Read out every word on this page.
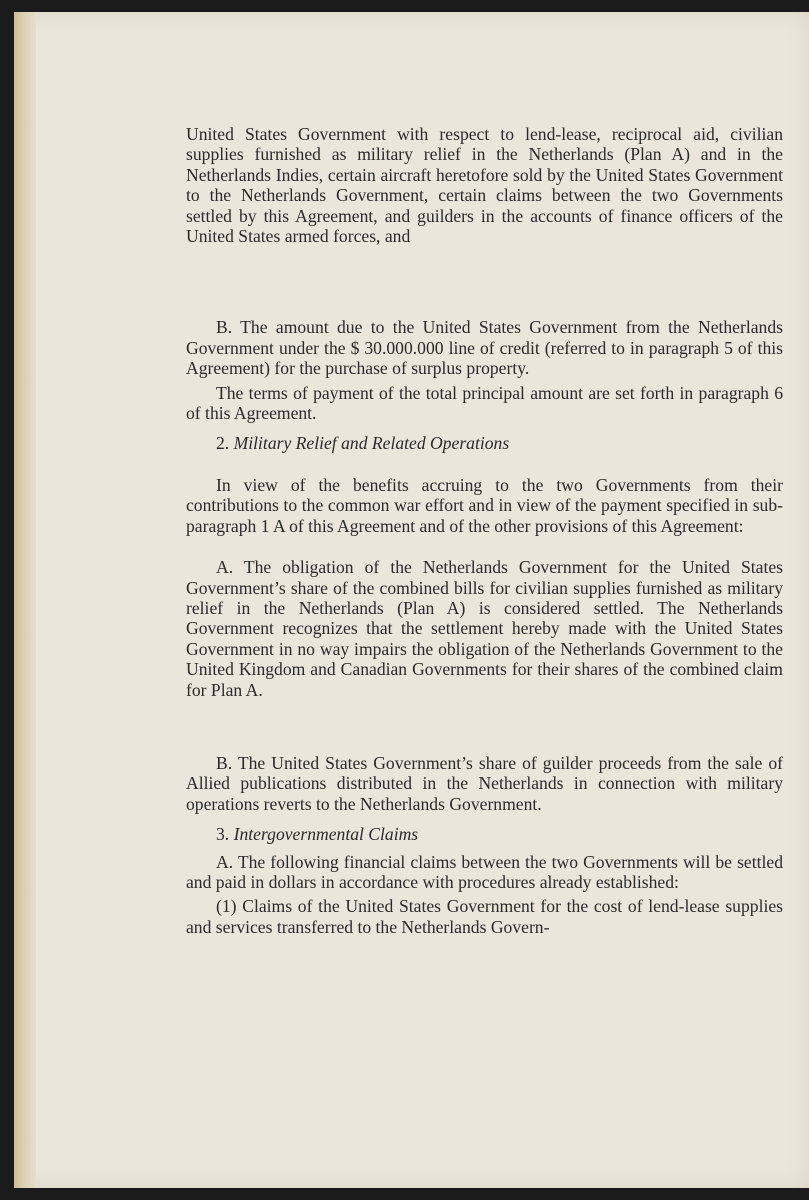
United States Government with respect to lend-lease, reciprocal aid, civilian supplies furnished as military relief in the Netherlands (Plan A) and in the Netherlands Indies, certain aircraft heretofore sold by the United States Government to the Netherlands Government, certain claims between the two Governments settled by this Agreement, and guilders in the accounts of finance officers of the United States armed forces, and

B. The amount due to the United States Government from the Netherlands Government under the $ 30.000.000 line of credit (referred to in paragraph 5 of this Agreement) for the purchase of surplus property.

The terms of payment of the total principal amount are set forth in paragraph 6 of this Agreement.

2. Military Relief and Related Operations

In view of the benefits accruing to the two Governments from their contributions to the common war effort and in view of the payment specified in sub-paragraph 1 A of this Agreement and of the other provisions of this Agreement:

A. The obligation of the Netherlands Government for the United States Government’s share of the combined bills for civilian supplies furnished as military relief in the Netherlands (Plan A) is considered settled. The Netherlands Government recognizes that the settlement hereby made with the United States Government in no way impairs the obligation of the Netherlands Government to the United Kingdom and Canadian Governments for their shares of the combined claim for Plan A.

B. The United States Government’s share of guilder proceeds from the sale of Allied publications distributed in the Netherlands in connection with military operations reverts to the Netherlands Government.

3. Intergovernmental Claims

A. The following financial claims between the two Governments will be settled and paid in dollars in accordance with procedures already established:

(1) Claims of the United States Government for the cost of lend-lease supplies and services transferred to the Netherlands Govern-
